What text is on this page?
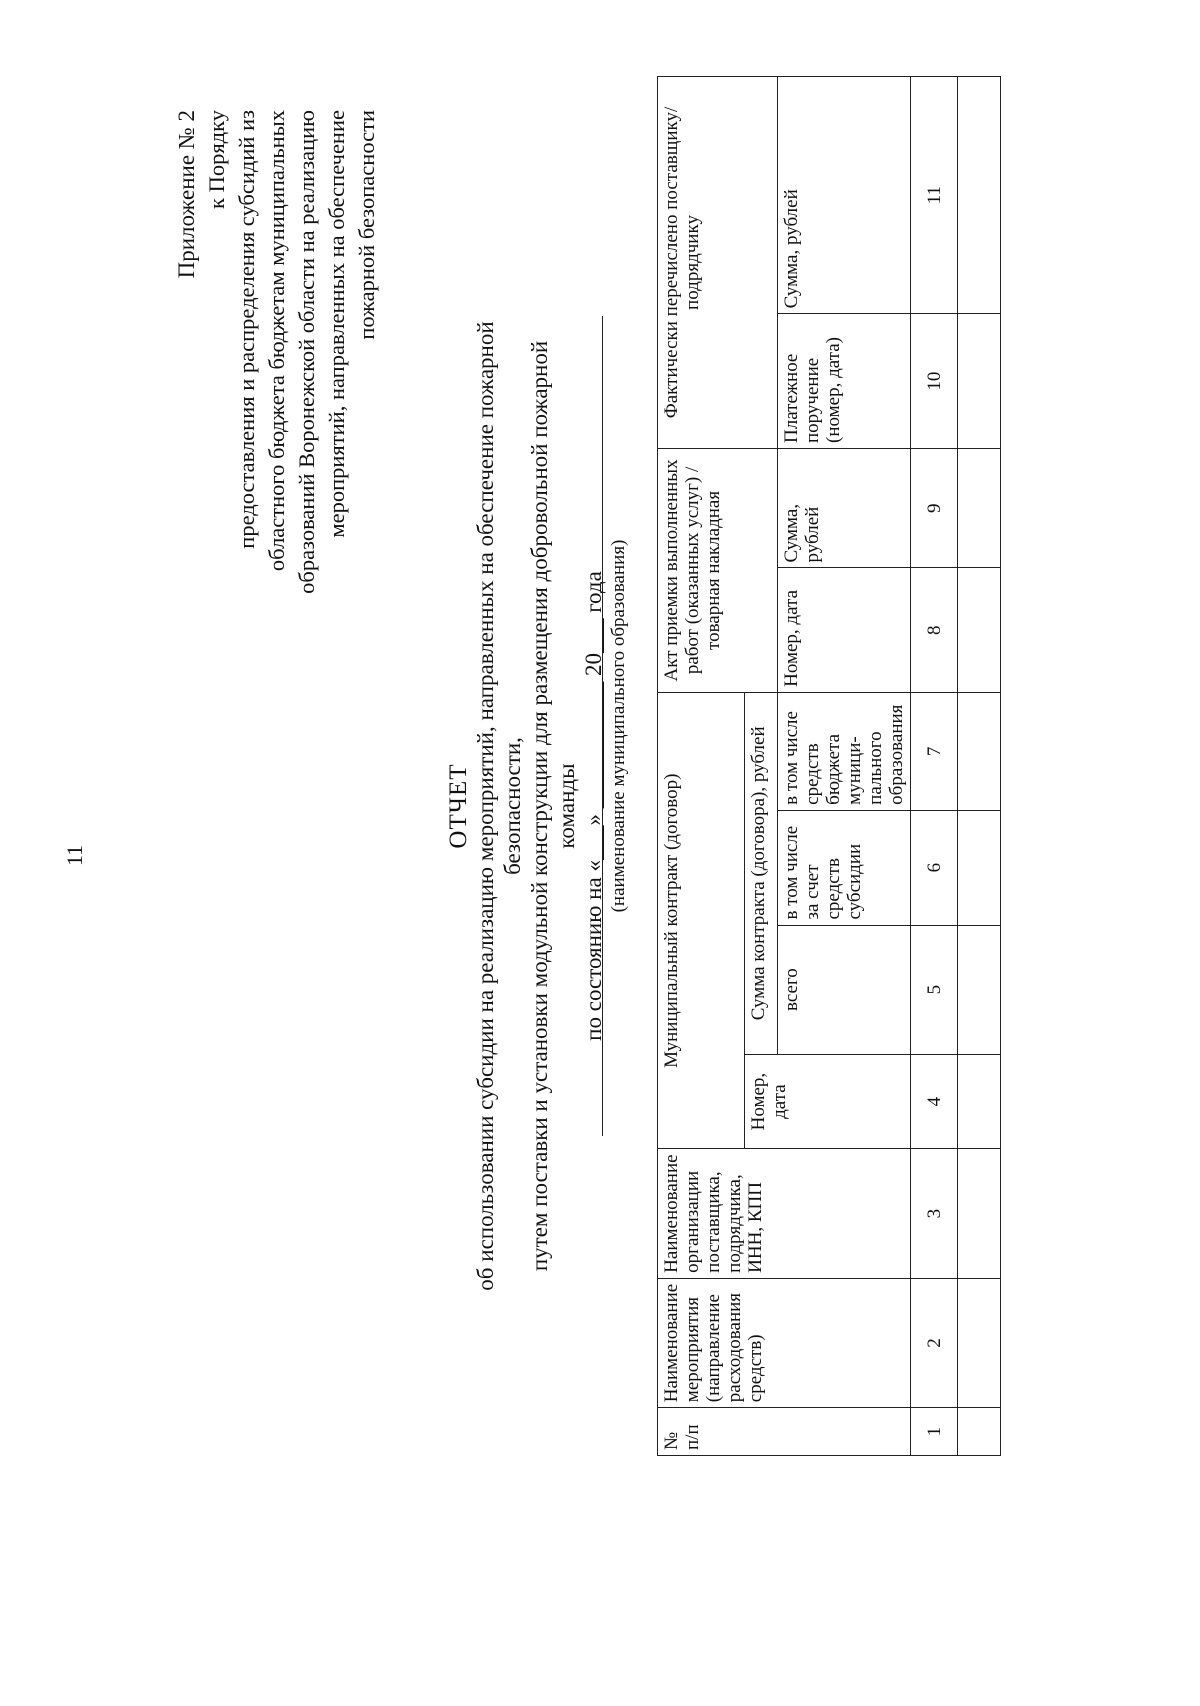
11
Приложение № 2 к Порядку предоставления и распределения субсидий из областного бюджета бюджетам муниципальных образований Воронежской области на реализацию мероприятий, направленных на обеспечение пожарной безопасности
ОТЧЕТ об использовании субсидии на реализацию мероприятий, направленных на обеспечение пожарной безопасности, путем поставки и установки модульной конструкции для размещения добровольной пожарной команды по состоянию на «___» ___________ 20___ года (наименование муниципального образования)
№ п/п	Наименование мероприятия (направление расходования средств)	Наименование организации поставщика, подрядчика, ИНН, КПП	Муниципальный контракт (договор)				Акт приемки выполненных работ (оказанных услуг) / товарная накладная		Фактически перечислено поставщику/подрядчику	
			Номер, дата	Сумма контракта (договора), рублей						
				всего	в том числе за счет средств субсидии	в том числе средств бюджета муници- пального образования	Номер, дата	Сумма, рублей	Платежное поручение (номер, дата)	Сумма, рублей
1	2	3	4	5	6	7	8	9	10	11
